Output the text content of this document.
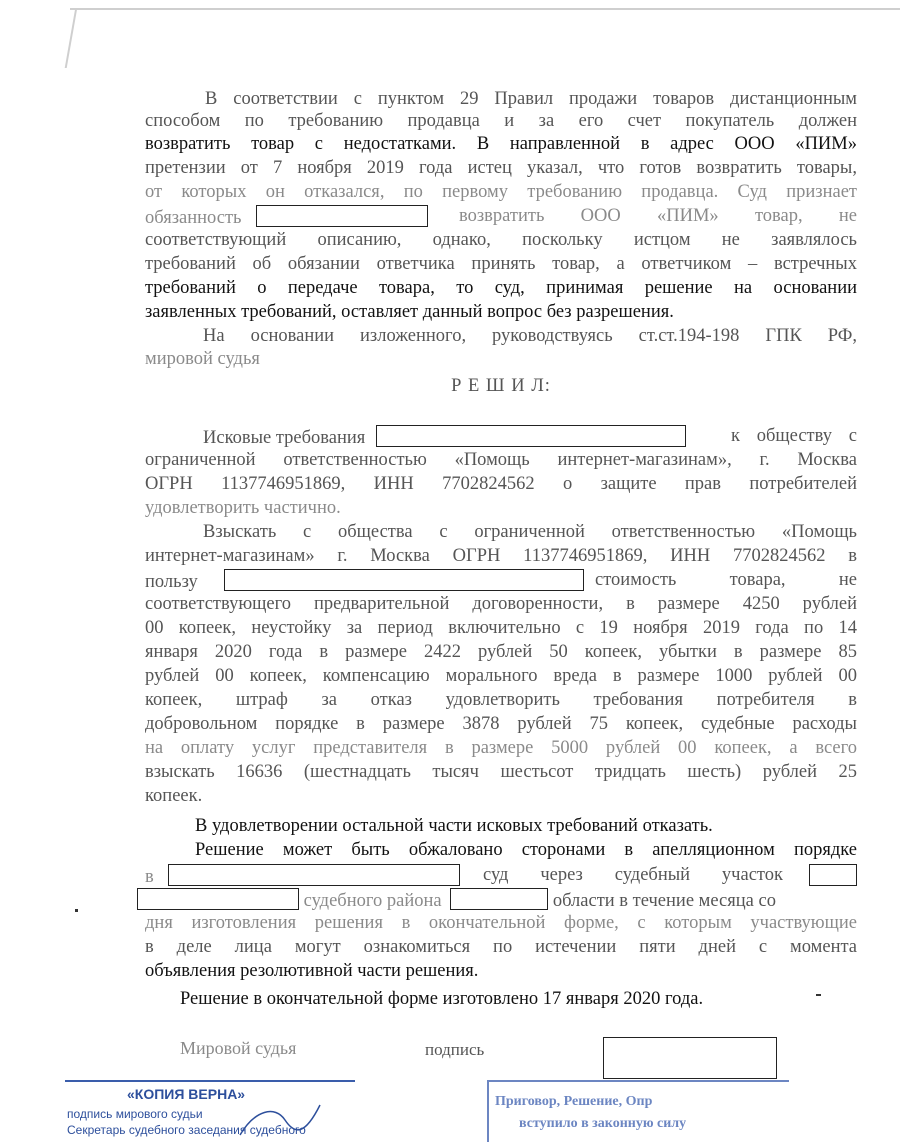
В соответствии с пунктом 29 Правил продажи товаров дистанционным
способом по требованию продавца и за его счет покупатель должен
возвратить товар с недостатками. В направленной в адрес ООО «ПИМ»
претензии от 7 ноября 2019 года истец указал, что готов возвратить товары,
от которых он отказался, по первому требованию продавца. Суд признает
обязанность	возвратить ООО «ПИМ» товар, не
соответствующий описанию, однако, поскольку истцом не заявлялось
требований об обязании ответчика принять товар, а ответчиком – встречных
требований о передаче товара, то суд, принимая решение на основании
заявленных требований, оставляет данный вопрос без разрешения.
На основании изложенного, руководствуясь ст.ст.194-198 ГПК РФ,
мировой судья
Р Е Ш И Л:
Исковые требования	к обществу с
ограниченной ответственностью «Помощь интернет-магазинам», г. Москва
ОГРН 1137746951869, ИНН 7702824562 о защите прав потребителей
удовлетворить частично.
Взыскать с общества с ограниченной ответственностью «Помощь
интернет-магазинам» г. Москва ОГРН 1137746951869, ИНН 7702824562 в
пользу	стоимость товара, не
соответствующего предварительной договоренности, в размере 4250 рублей
00 копеек, неустойку за период включительно с 19 ноября 2019 года по 14
января 2020 года в размере 2422 рублей 50 копеек, убытки в размере 85
рублей 00 копеек, компенсацию морального вреда в размере 1000 рублей 00
копеек, штраф за отказ удовлетворить требования потребителя в
добровольном порядке в размере 3878 рублей 75 копеек, судебные расходы
на оплату услуг представителя в размере 5000 рублей 00 копеек, а всего
взыскать 16636 (шестнадцать тысяч шестьсот тридцать шесть) рублей 25
копеек.
В удовлетворении остальной части исковых требований отказать.
Решение может быть обжаловано сторонами в апелляционном порядке
в	суд через судебный участок
судебного района	области в течение месяца со
дня изготовления решения в окончательной форме, с которым участвующие
в деле лица могут ознакомиться по истечении пяти дней с момента
объявления резолютивной части решения.
Решение в окончательной форме изготовлено 17 января 2020 года.
Мировой судья	подпись
«КОПИЯ ВЕРНА»
подпись мирового судьи
Секретарь судебного заседания судебного
Приговор, Решение, Опр
вступило в законную силу
